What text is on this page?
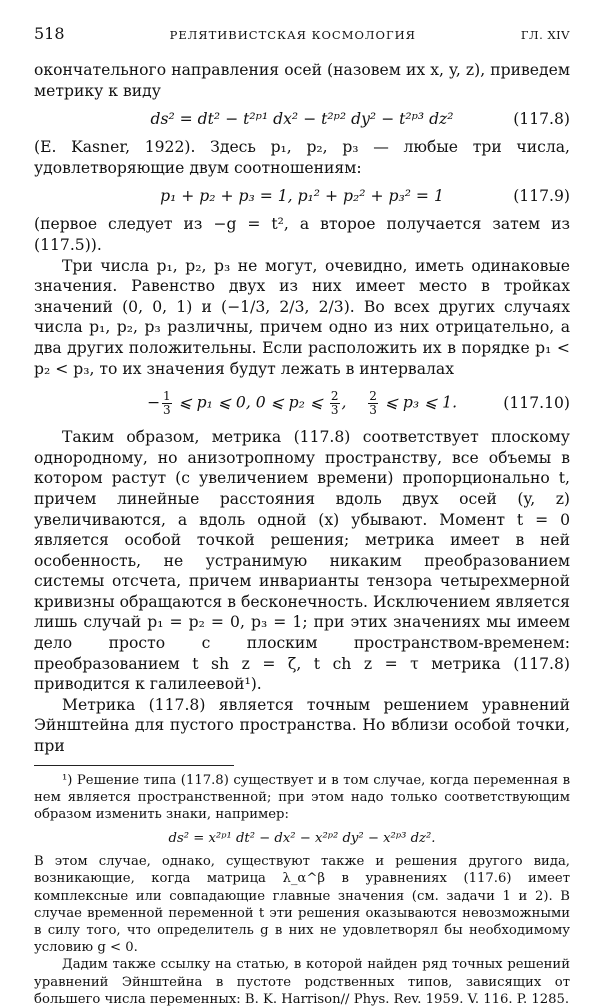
518	РЕЛЯТИВИСТСКАЯ КОСМОЛОГИЯ	ГЛ. XIV

окончательного направления осей (назовем их x, y, z), приведем метрику к виду

ds² = dt² − t²ᵖ¹ dx² − t²ᵖ² dy² − t²ᵖ³ dz²	(117.8)

(E. Kasner, 1922). Здесь p₁, p₂, p₃ — любые три числа, удовлетворяющие двум соотношениям:

p₁ + p₂ + p₃ = 1, p₁² + p₂² + p₃² = 1	(117.9)

(первое следует из −g = t², а второе получается затем из (117.5)).

Три числа p₁, p₂, p₃ не могут, очевидно, иметь одинаковые значения. Равенство двух из них имеет место в тройках значений (0, 0, 1) и (−1/3, 2/3, 2/3). Во всех других случаях числа p₁, p₂, p₃ различны, причем одно из них отрицательно, а два других положительны. Если расположить их в порядке p₁ < p₂ < p₃, то их значения будут лежать в интервалах

− $\frac{1}{3}$ ⩽ p₁ ⩽ 0, 0 ⩽ p₂ ⩽ $\frac{2}{3}$ , $\frac{2}{3}$ ⩽ p₃ ⩽ 1.	(117.10)

Таким образом, метрика (117.8) соответствует плоскому однородному, но анизотропному пространству, все объемы в котором растут (с увеличением времени) пропорционально t, причем линейные расстояния вдоль двух осей (y, z) увеличиваются, а вдоль одной (x) убывают. Момент t = 0 является особой точкой решения; метрика имеет в ней особенность, не устранимую никаким преобразованием системы отсчета, причем инварианты тензора четырехмерной кривизны обращаются в бесконечность. Исключением является лишь случай p₁ = p₂ = 0, p₃ = 1; при этих значениях мы имеем дело просто с плоским пространством-временем: преобразованием t sh z = ζ, t ch z = τ метрика (117.8) приводится к галилеевой¹).

Метрика (117.8) является точным решением уравнений Эйнштейна для пустого пространства. Но вблизи особой точки, при

¹) Решение типа (117.8) существует и в том случае, когда переменная в нем является пространственной; при этом надо только соответствующим образом изменить знаки, например:

ds² = x²ᵖ¹ dt² − dx² − x²ᵖ² dy² − x²ᵖ³ dz².

В этом случае, однако, существуют также и решения другого вида, возникающие, когда матрица λ_α^β в уравнениях (117.6) имеет комплексные или совпадающие главные значения (см. задачи 1 и 2). В случае временной переменной t эти решения оказываются невозможными в силу того, что определитель g в них не удовлетворял бы необходимому условию g < 0.

Дадим также ссылку на статью, в которой найден ряд точных решений уравнений Эйнштейна в пустоте родственных типов, зависящих от большего числа переменных: B. K. Harrison// Phys. Rev. 1959. V. 116. P. 1285.
